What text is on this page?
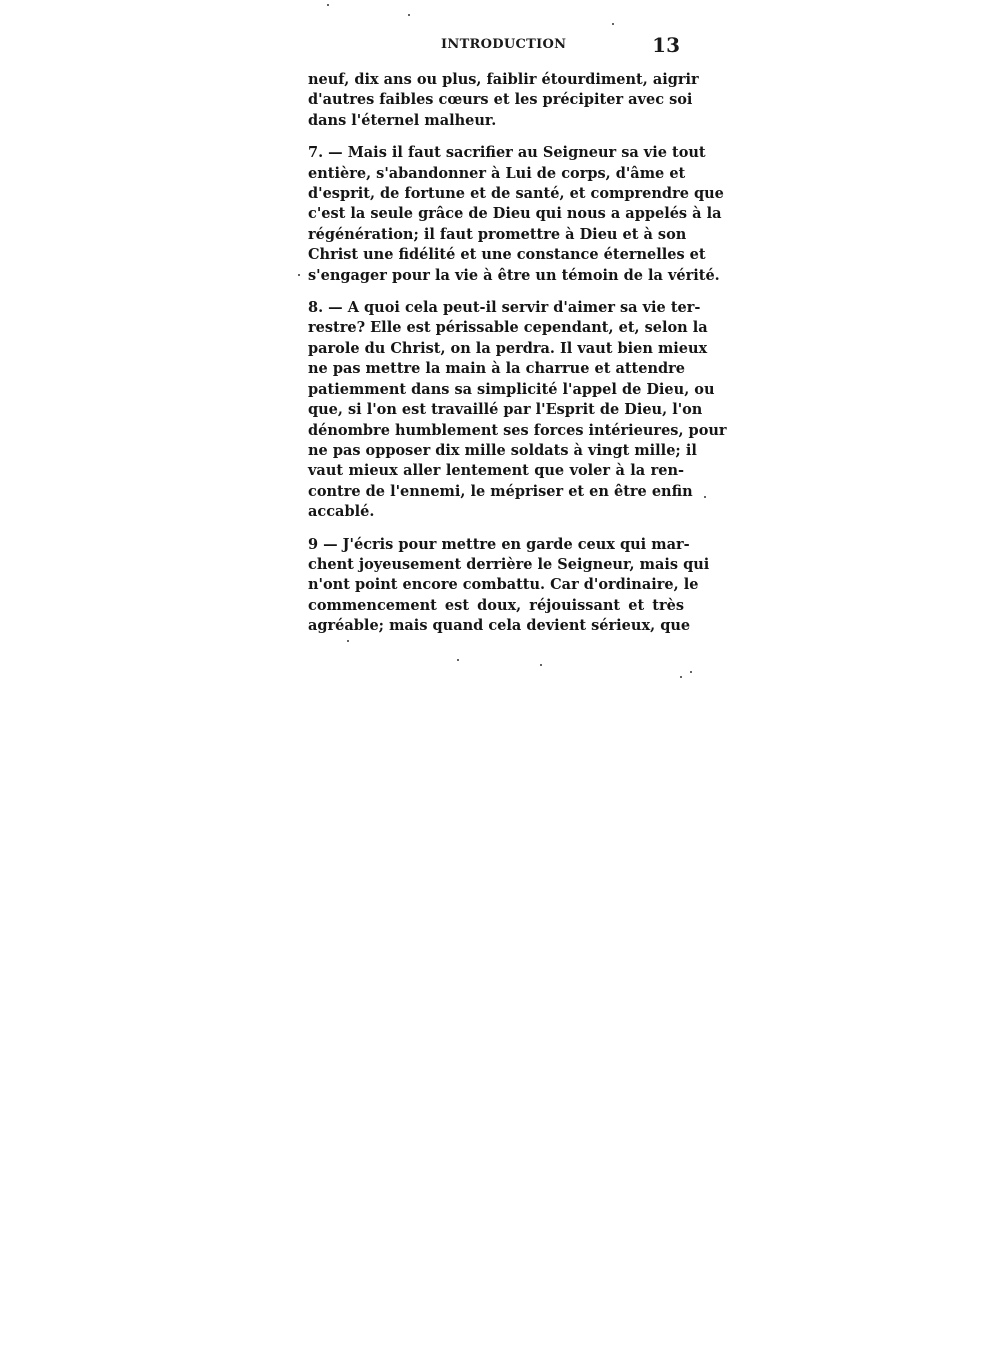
INTRODUCTION	13

neuf, dix ans ou plus, faiblir étourdiment, aigrir
d'autres faibles cœurs et les précipiter avec soi
dans l'éternel malheur.

7. — Mais il faut sacrifier au Seigneur sa vie tout
entière, s'abandonner à Lui de corps, d'âme et
d'esprit, de fortune et de santé, et comprendre que
c'est la seule grâce de Dieu qui nous a appelés à la
régénération; il faut promettre à Dieu et à son
Christ une fidélité et une constance éternelles et
s'engager pour la vie à être un témoin de la vérité.

8. — A quoi cela peut-il servir d'aimer sa vie ter-
restre? Elle est périssable cependant, et, selon la
parole du Christ, on la perdra. Il vaut bien mieux
ne pas mettre la main à la charrue et attendre
patiemment dans sa simplicité l'appel de Dieu, ou
que, si l'on est travaillé par l'Esprit de Dieu, l'on
dénombre humblement ses forces intérieures, pour
ne pas opposer dix mille soldats à vingt mille; il
vaut mieux aller lentement que voler à la ren-
contre de l'ennemi, le mépriser et en être enfin
accablé.

9 — J'écris pour mettre en garde ceux qui mar-
chent joyeusement derrière le Seigneur, mais qui
n'ont point encore combattu. Car d'ordinaire, le
commencement est doux, réjouissant et très
agréable; mais quand cela devient sérieux, que
